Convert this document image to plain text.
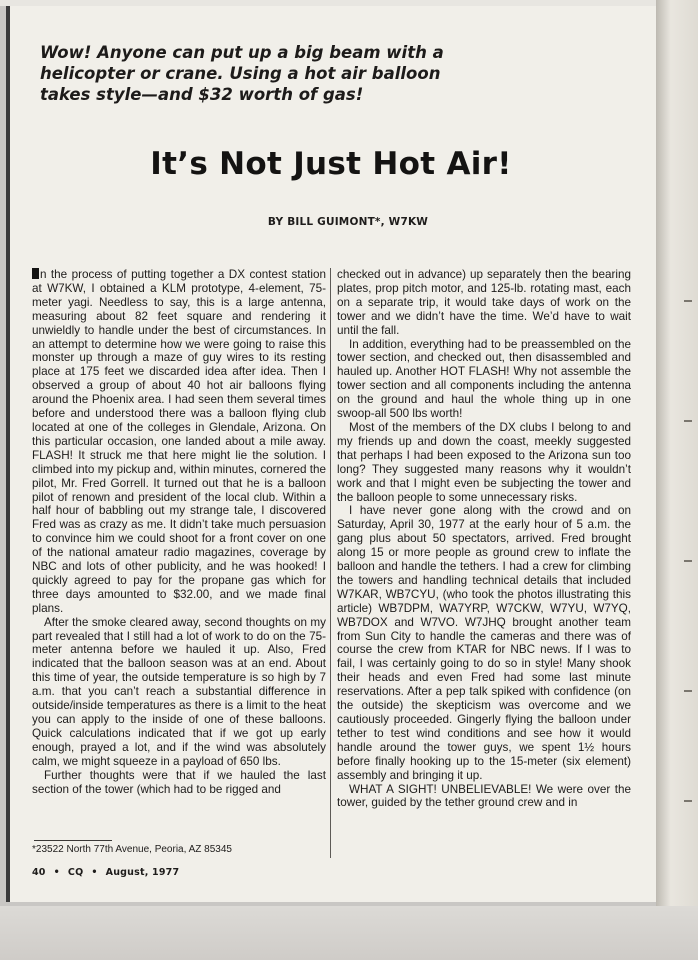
Wow! Anyone can put up a big beam with a helicopter or crane. Using a hot air balloon takes style—and $32 worth of gas!

It’s Not Just Hot Air!
BY BILL GUIMONT*, W7KW

n the process of putting together a DX contest station at W7KW, I obtained a KLM prototype, 4-element, 75-meter yagi. Needless to say, this is a large antenna, measuring about 82 feet square and rendering it unwieldly to handle under the best of circumstances. In an attempt to determine how we were going to raise this monster up through a maze of guy wires to its resting place at 175 feet we discarded idea after idea. Then I observed a group of about 40 hot air balloons flying around the Phoenix area. I had seen them several times before and understood there was a balloon flying club located at one of the colleges in Glendale, Arizona. On this particular occasion, one landed about a mile away. FLASH! It struck me that here might lie the solution. I climbed into my pickup and, within minutes, cornered the pilot, Mr. Fred Gorrell. It turned out that he is a balloon pilot of renown and president of the local club. Within a half hour of babbling out my strange tale, I discovered Fred was as crazy as me. It didn’t take much persuasion to convince him we could shoot for a front cover on one of the national amateur radio magazines, coverage by NBC and lots of other publicity, and he was hooked! I quickly agreed to pay for the propane gas which for three days amounted to $32.00, and we made final plans.

After the smoke cleared away, second thoughts on my part revealed that I still had a lot of work to do on the 75-meter antenna before we hauled it up. Also, Fred indicated that the balloon season was at an end. About this time of year, the outside temperature is so high by 7 a.m. that you can’t reach a substantial difference in outside/inside temperatures as there is a limit to the heat you can apply to the inside of one of these balloons. Quick calculations indicated that if we got up early enough, prayed a lot, and if the wind was absolutely calm, we might squeeze in a payload of 650 lbs.

Further thoughts were that if we hauled the last section of the tower (which had to be rigged and

checked out in advance) up separately then the bearing plates, prop pitch motor, and 125-lb. rotating mast, each on a separate trip, it would take days of work on the tower and we didn’t have the time. We’d have to wait until the fall.

In addition, everything had to be preassembled on the tower section, and checked out, then disassembled and hauled up. Another HOT FLASH! Why not assemble the tower section and all components including the antenna on the ground and haul the whole thing up in one swoop-all 500 lbs worth!

Most of the members of the DX clubs I belong to and my friends up and down the coast, meekly suggested that perhaps I had been exposed to the Arizona sun too long? They suggested many reasons why it wouldn’t work and that I might even be subjecting the tower and the balloon people to some unnecessary risks.

I have never gone along with the crowd and on Saturday, April 30, 1977 at the early hour of 5 a.m. the gang plus about 50 spectators, arrived. Fred brought along 15 or more people as ground crew to inflate the balloon and handle the tethers. I had a crew for climbing the towers and handling technical details that included W7KAR, WB7CYU, (who took the photos illustrating this article) WB7DPM, WA7YRP, W7CKW, W7YU, W7YQ, WB7DOX and W7VO. W7JHQ brought another team from Sun City to handle the cameras and there was of course the crew from KTAR for NBC news. If I was to fail, I was certainly going to do so in style! Many shook their heads and even Fred had some last minute reservations. After a pep talk spiked with confidence (on the outside) the skepticism was overcome and we cautiously proceeded. Gingerly flying the balloon under tether to test wind conditions and see how it would handle around the tower guys, we spent 1½ hours before finally hooking up to the 15-meter (six element) assembly and bringing it up.

WHAT A SIGHT! UNBELIEVABLE! We were over the tower, guided by the tether ground crew and in

*23522 North 77th Avenue, Peoria, AZ 85345
40 • CQ • August, 1977
